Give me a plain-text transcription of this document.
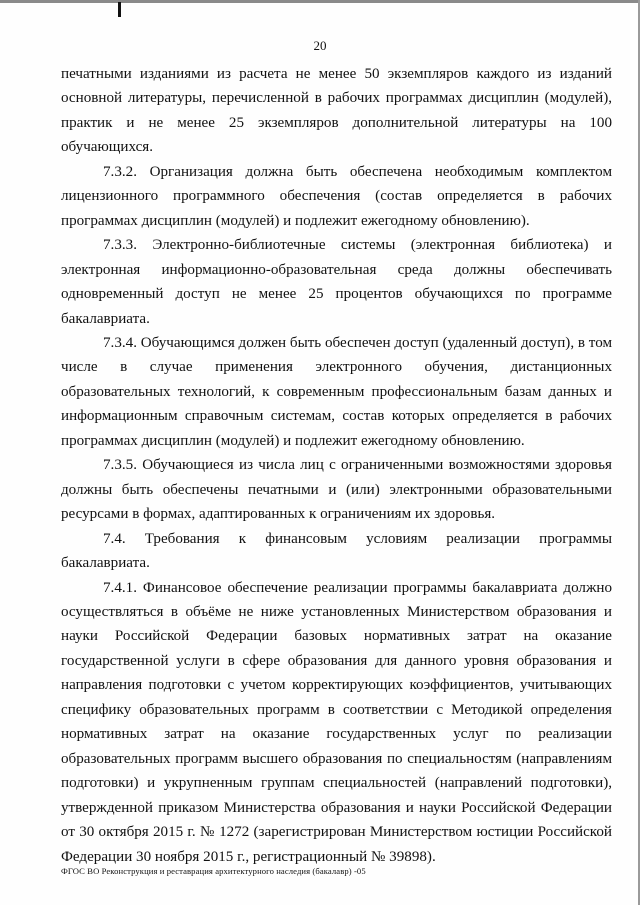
20

печатными изданиями из расчета не менее 50 экземпляров каждого из изданий основной литературы, перечисленной в рабочих программах дисциплин (модулей), практик и не менее 25 экземпляров дополнительной литературы на 100 обучающихся.

7.3.2. Организация должна быть обеспечена необходимым комплектом лицензионного программного обеспечения (состав определяется в рабочих программах дисциплин (модулей) и подлежит ежегодному обновлению).

7.3.3. Электронно-библиотечные системы (электронная библиотека) и электронная информационно-образовательная среда должны обеспечивать одновременный доступ не менее 25 процентов обучающихся по программе бакалавриата.

7.3.4. Обучающимся должен быть обеспечен доступ (удаленный доступ), в том числе в случае применения электронного обучения, дистанционных образовательных технологий, к современным профессиональным базам данных и информационным справочным системам, состав которых определяется в рабочих программах дисциплин (модулей) и подлежит ежегодному обновлению.

7.3.5. Обучающиеся из числа лиц с ограниченными возможностями здоровья должны быть обеспечены печатными и (или) электронными образовательными ресурсами в формах, адаптированных к ограничениям их здоровья.

7.4. Требования к финансовым условиям реализации программы бакалавриата.

7.4.1. Финансовое обеспечение реализации программы бакалавриата должно осуществляться в объёме не ниже установленных Министерством образования и науки Российской Федерации базовых нормативных затрат на оказание государственной услуги в сфере образования для данного уровня образования и направления подготовки с учетом корректирующих коэффициентов, учитывающих специфику образовательных программ в соответствии с Методикой определения нормативных затрат на оказание государственных услуг по реализации образовательных программ высшего образования по специальностям (направлениям подготовки) и укрупненным группам специальностей (направлений подготовки), утвержденной приказом Министерства образования и науки Российской Федерации от 30 октября 2015 г. № 1272 (зарегистрирован Министерством юстиции Российской Федерации 30 ноября 2015 г., регистрационный № 39898).

ФГОС ВО Реконструкция и реставрация архитектурного наследия (бакалавр) -05
